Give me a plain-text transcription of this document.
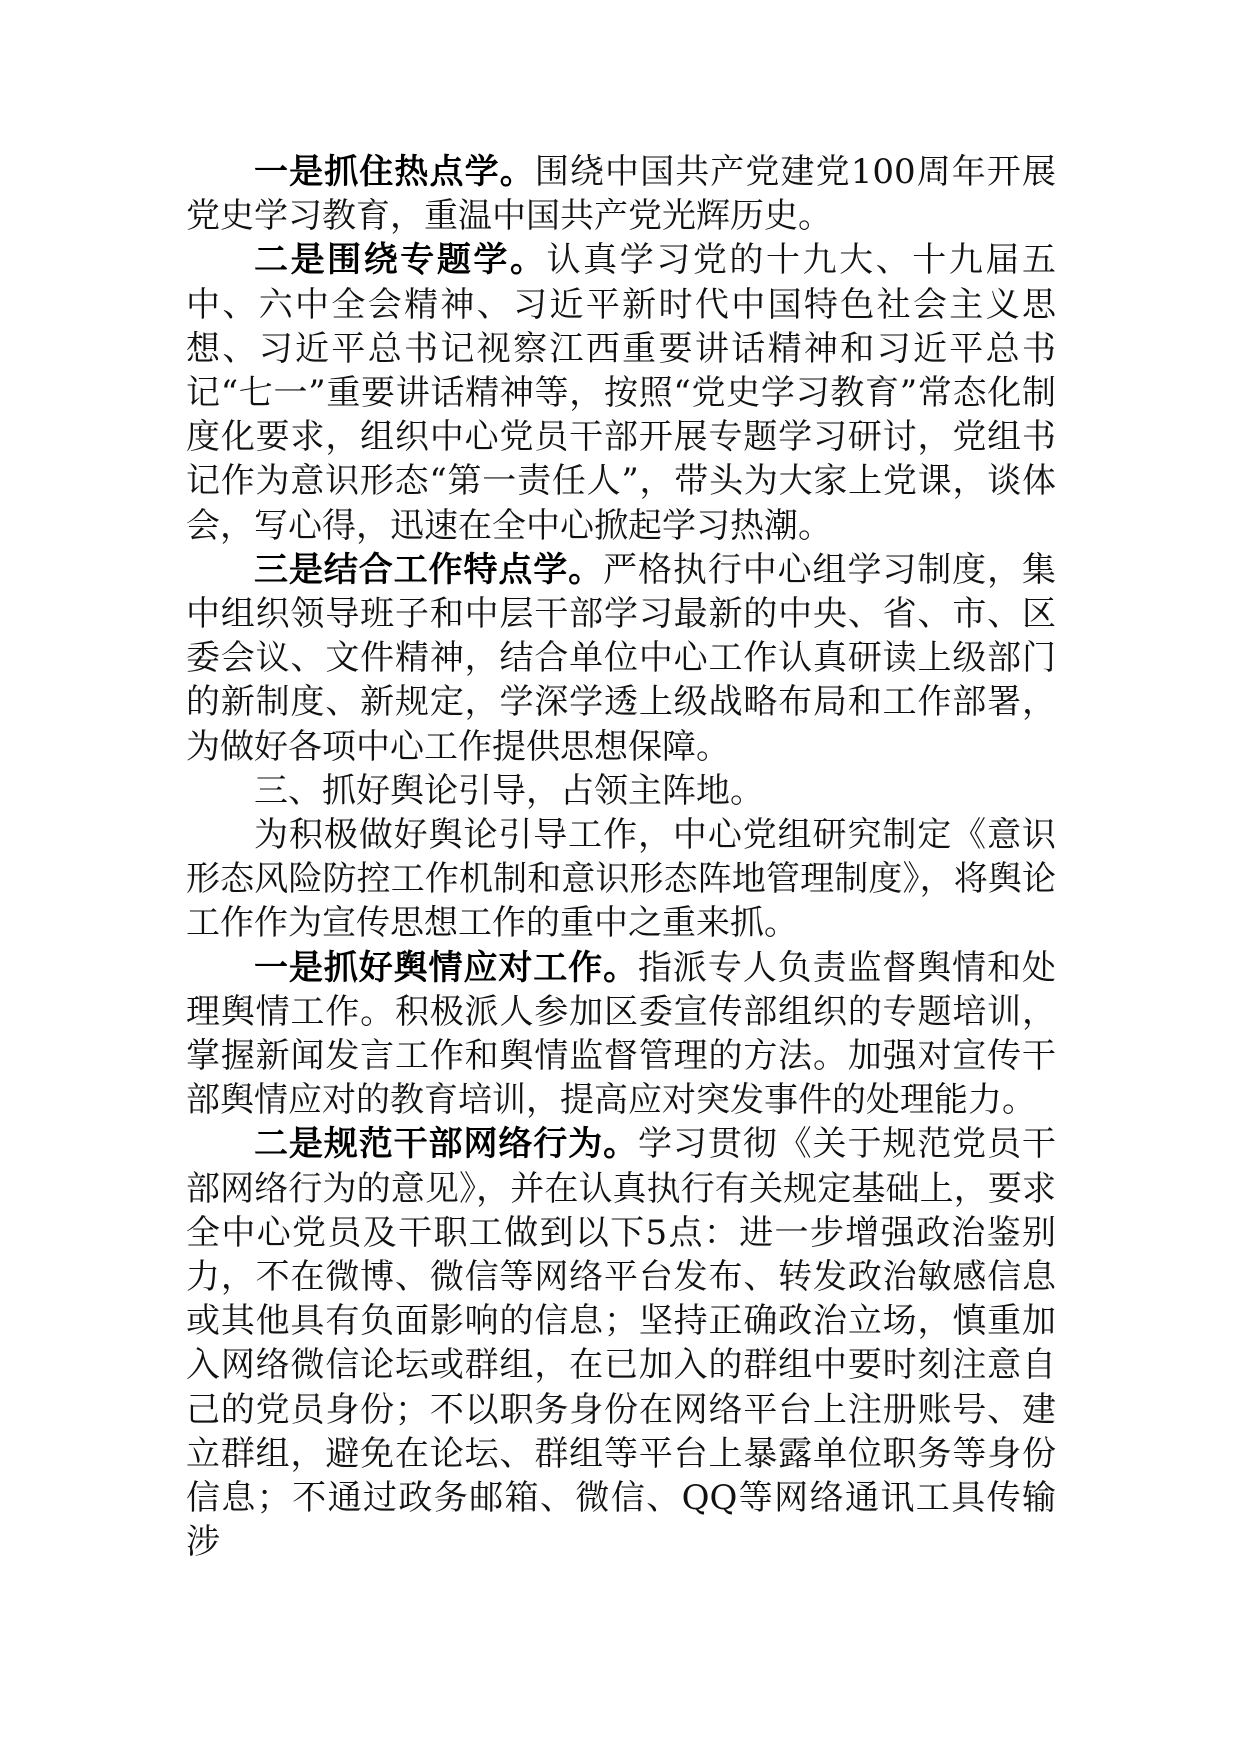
一是抓住热点学。围绕中国共产党建党100周年开展党史学习教育，重温中国共产党光辉历史。

二是围绕专题学。认真学习党的十九大、十九届五中、六中全会精神、习近平新时代中国特色社会主义思想、习近平总书记视察江西重要讲话精神和习近平总书记“七一”重要讲话精神等，按照“党史学习教育”常态化制度化要求，组织中心党员干部开展专题学习研讨，党组书记作为意识形态“第一责任人”，带头为大家上党课，谈体会，写心得，迅速在全中心掀起学习热潮。

三是结合工作特点学。严格执行中心组学习制度，集中组织领导班子和中层干部学习最新的中央、省、市、区委会议、文件精神，结合单位中心工作认真研读上级部门的新制度、新规定，学深学透上级战略布局和工作部署，为做好各项中心工作提供思想保障。

三、抓好舆论引导，占领主阵地。

为积极做好舆论引导工作，中心党组研究制定《意识形态风险防控工作机制和意识形态阵地管理制度》，将舆论工作作为宣传思想工作的重中之重来抓。

一是抓好舆情应对工作。指派专人负责监督舆情和处理舆情工作。积极派人参加区委宣传部组织的专题培训，掌握新闻发言工作和舆情监督管理的方法。加强对宣传干部舆情应对的教育培训，提高应对突发事件的处理能力。

二是规范干部网络行为。学习贯彻《关于规范党员干部网络行为的意见》，并在认真执行有关规定基础上，要求全中心党员及干职工做到以下5点：进一步增强政治鉴别力，不在微博、微信等网络平台发布、转发政治敏感信息或其他具有负面影响的信息；坚持正确政治立场，慎重加入网络微信论坛或群组，在已加入的群组中要时刻注意自己的党员身份；不以职务身份在网络平台上注册账号、建立群组，避免在论坛、群组等平台上暴露单位职务等身份信息；不通过政务邮箱、微信、QQ等网络通讯工具传输涉
